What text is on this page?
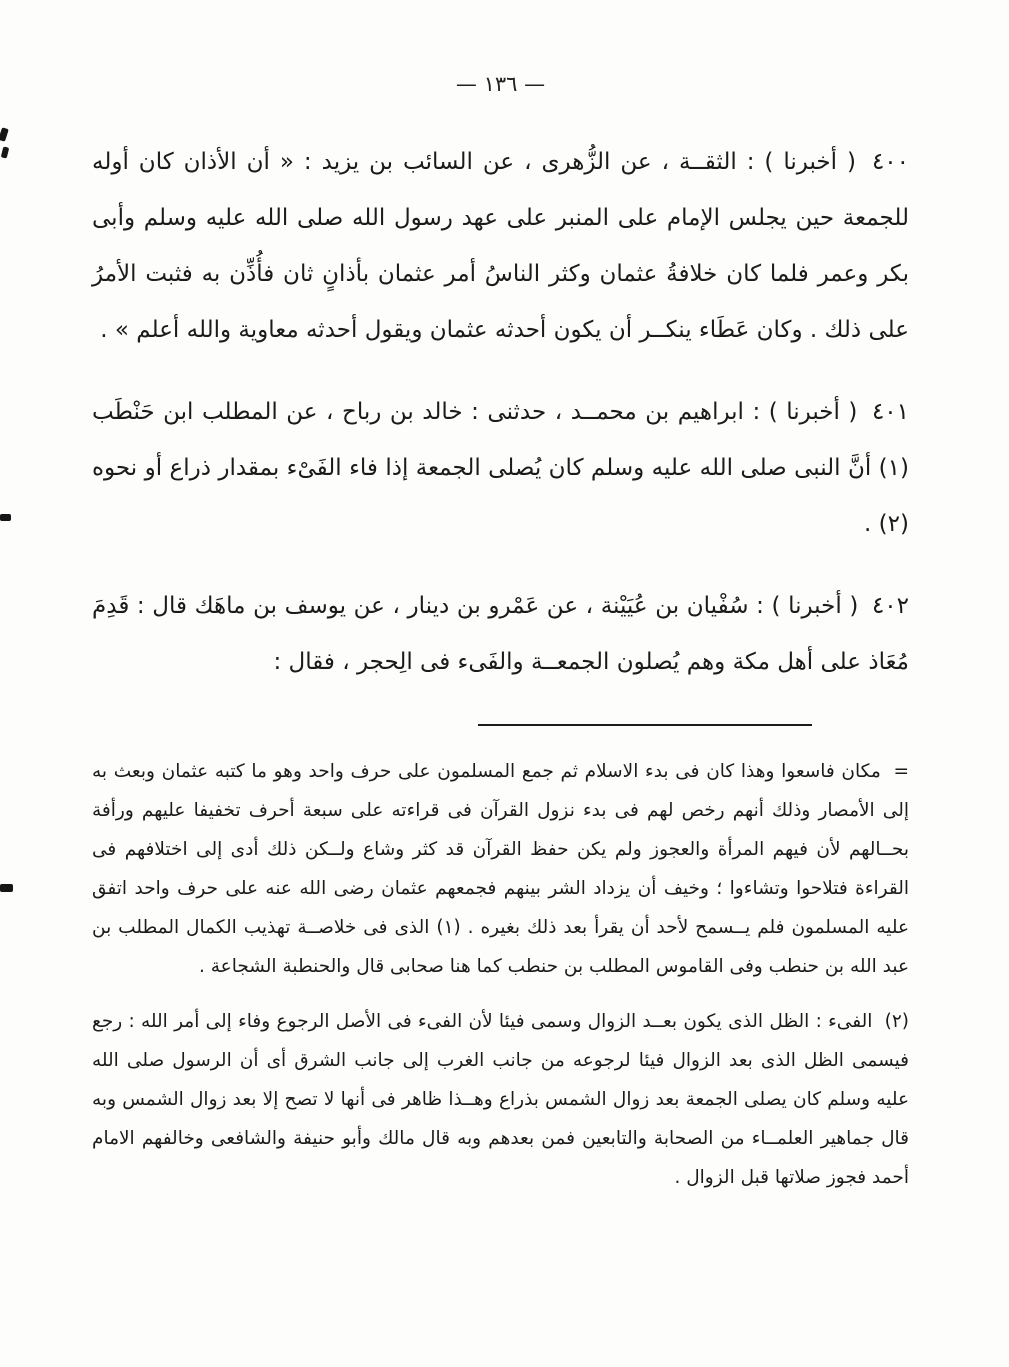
— ١٣٦ —

٤٠٠ ( أخبرنا ) : الثقــة ، عن الزُّهرى ، عن السائب بن يزيد : « أن الأذان كان أوله للجمعة حين يجلس الإمام على المنبر على عهد رسول الله صلى الله عليه وسلم وأبى بكر وعمر فلما كان خلافةُ عثمان وكثر الناسُ أمر عثمان بأذانٍ ثان فأُذِّن به فثبت الأمرُ على ذلك . وكان عَطَاء ينكــر أن يكون أحدثه عثمان ويقول أحدثه معاوية والله أعلم » .

٤٠١ ( أخبرنا ) : ابراهيم بن محمــد ، حدثنى : خالد بن رباح ، عن المطلب ابن حَنْطَب (١) أنَّ النبى صلى الله عليه وسلم كان يُصلى الجمعة إذا فاء الفَىْء بمقدار ذراع أو نحوه (٢) .

٤٠٢ ( أخبرنا ) : سُفْيان بن عُيَيْنة ، عن عَمْرو بن دينار ، عن يوسف بن ماهَك قال : قَدِمَ مُعَاذ على أهل مكة وهم يُصلون الجمعــة والفَىء فى الِحجر ، فقال :

= مكان فاسعوا وهذا كان فى بدء الاسلام ثم جمع المسلمون على حرف واحد وهو ما كتبه عثمان وبعث به إلى الأمصار وذلك أنهم رخص لهم فى بدء نزول القرآن فى قراءته على سبعة أحرف تخفيفا عليهم ورأفة بحــالهم لأن فيهم المرأة والعجوز ولم يكن حفظ القرآن قد كثر وشاع ولــكن ذلك أدى إلى اختلافهم فى القراءة فتلاحوا وتشاءوا ؛ وخيف أن يزداد الشر بينهم فجمعهم عثمان رضى الله عنه على حرف واحد اتفق عليه المسلمون فلم يــسمح لأحد أن يقرأ بعد ذلك بغيره . (١) الذى فى خلاصــة تهذيب الكمال المطلب بن عبد الله بن حنطب وفى القاموس المطلب بن حنطب كما هنا صحابى قال والحنطبة الشجاعة .

(٢) الفىء : الظل الذى يكون بعــد الزوال وسمى فيئا لأن الفىء فى الأصل الرجوع وفاء إلى أمر الله : رجع فيسمى الظل الذى بعد الزوال فيئا لرجوعه من جانب الغرب إلى جانب الشرق أى أن الرسول صلى الله عليه وسلم كان يصلى الجمعة بعد زوال الشمس بذراع وهــذا ظاهر فى أنها لا تصح إلا بعد زوال الشمس وبه قال جماهير العلمــاء من الصحابة والتابعين فمن بعدهم وبه قال مالك وأبو حنيفة والشافعى وخالفهم الامام أحمد فجوز صلاتها قبل الزوال .
